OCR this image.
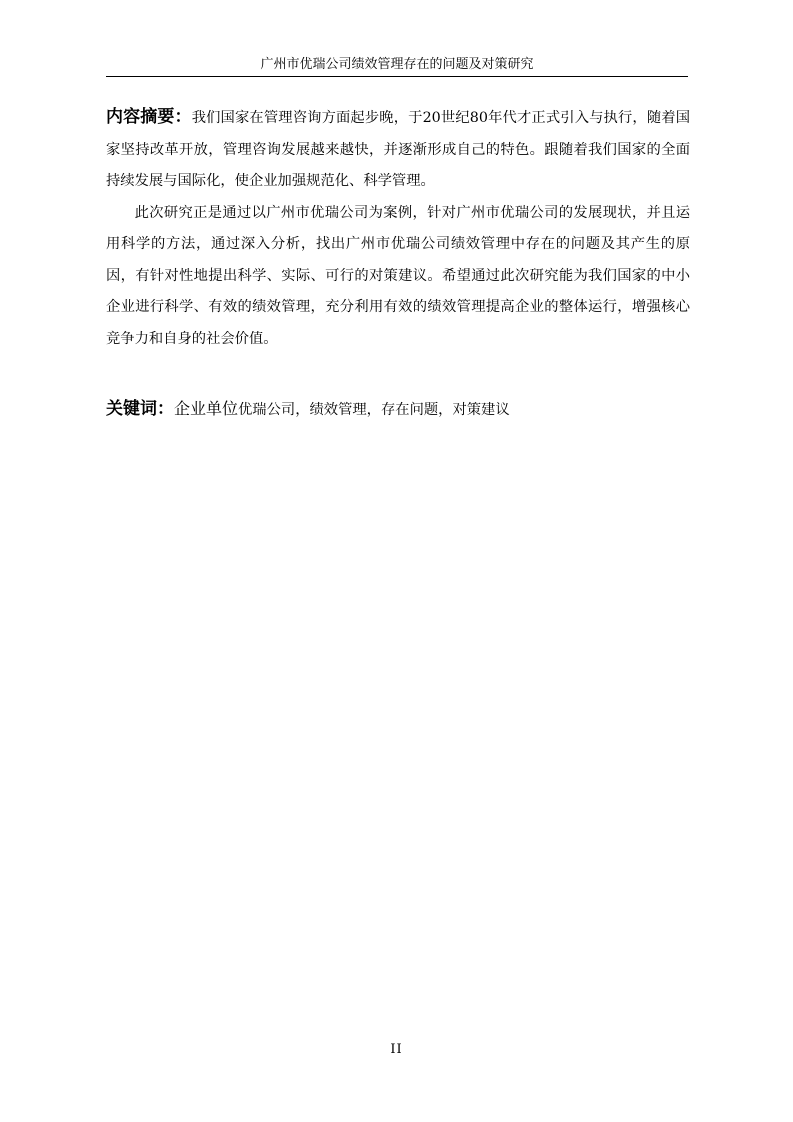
广州市优瑞公司绩效管理存在的问题及对策研究

内容摘要：我们国家在管理咨询方面起步晚，于20世纪80年代才正式引入与执行，随着国家坚持改革开放，管理咨询发展越来越快，并逐渐形成自己的特色。跟随着我们国家的全面持续发展与国际化，使企业加强规范化、科学管理。

此次研究正是通过以广州市优瑞公司为案例，针对广州市优瑞公司的发展现状，并且运用科学的方法，通过深入分析，找出广州市优瑞公司绩效管理中存在的问题及其产生的原因，有针对性地提出科学、实际、可行的对策建议。希望通过此次研究能为我们国家的中小企业进行科学、有效的绩效管理，充分利用有效的绩效管理提高企业的整体运行，增强核心竞争力和自身的社会价值。

关键词：企业单位优瑞公司，绩效管理，存在问题，对策建议
II
